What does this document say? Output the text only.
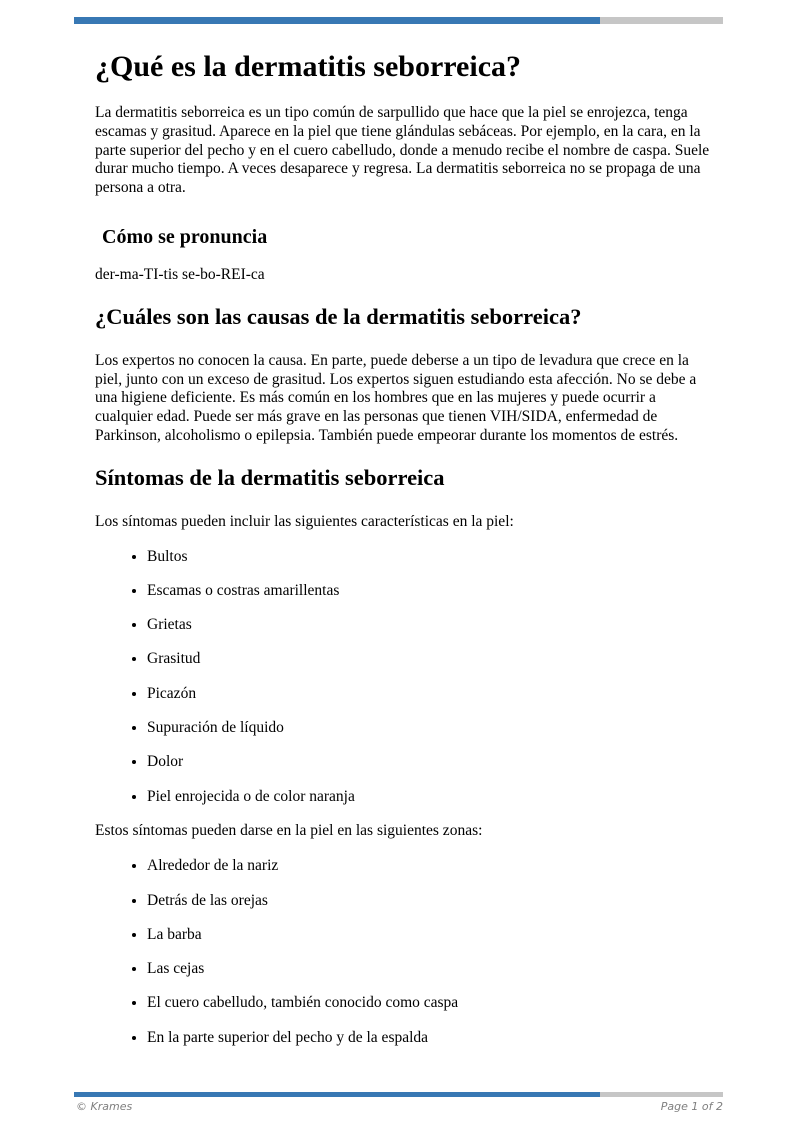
¿Qué es la dermatitis seborreica?

La dermatitis seborreica es un tipo común de sarpullido que hace que la piel se enrojezca, tenga escamas y grasitud. Aparece en la piel que tiene glándulas sebáceas. Por ejemplo, en la cara, en la parte superior del pecho y en el cuero cabelludo, donde a menudo recibe el nombre de caspa. Suele durar mucho tiempo. A veces desaparece y regresa. La dermatitis seborreica no se propaga de una persona a otra.

Cómo se pronuncia

der-ma-TI-tis se-bo-REI-ca

¿Cuáles son las causas de la dermatitis seborreica?

Los expertos no conocen la causa. En parte, puede deberse a un tipo de levadura que crece en la piel, junto con un exceso de grasitud. Los expertos siguen estudiando esta afección. No se debe a una higiene deficiente. Es más común en los hombres que en las mujeres y puede ocurrir a cualquier edad. Puede ser más grave en las personas que tienen VIH/SIDA, enfermedad de Parkinson, alcoholismo o epilepsia. También puede empeorar durante los momentos de estrés.

Síntomas de la dermatitis seborreica

Los síntomas pueden incluir las siguientes características en la piel:

• Bultos
• Escamas o costras amarillentas
• Grietas
• Grasitud
• Picazón
• Supuración de líquido
• Dolor
• Piel enrojecida o de color naranja

Estos síntomas pueden darse en la piel en las siguientes zonas:

• Alrededor de la nariz
• Detrás de las orejas
• La barba
• Las cejas
• El cuero cabelludo, también conocido como caspa
• En la parte superior del pecho y de la espalda
© Krames	Page 1 of 2
